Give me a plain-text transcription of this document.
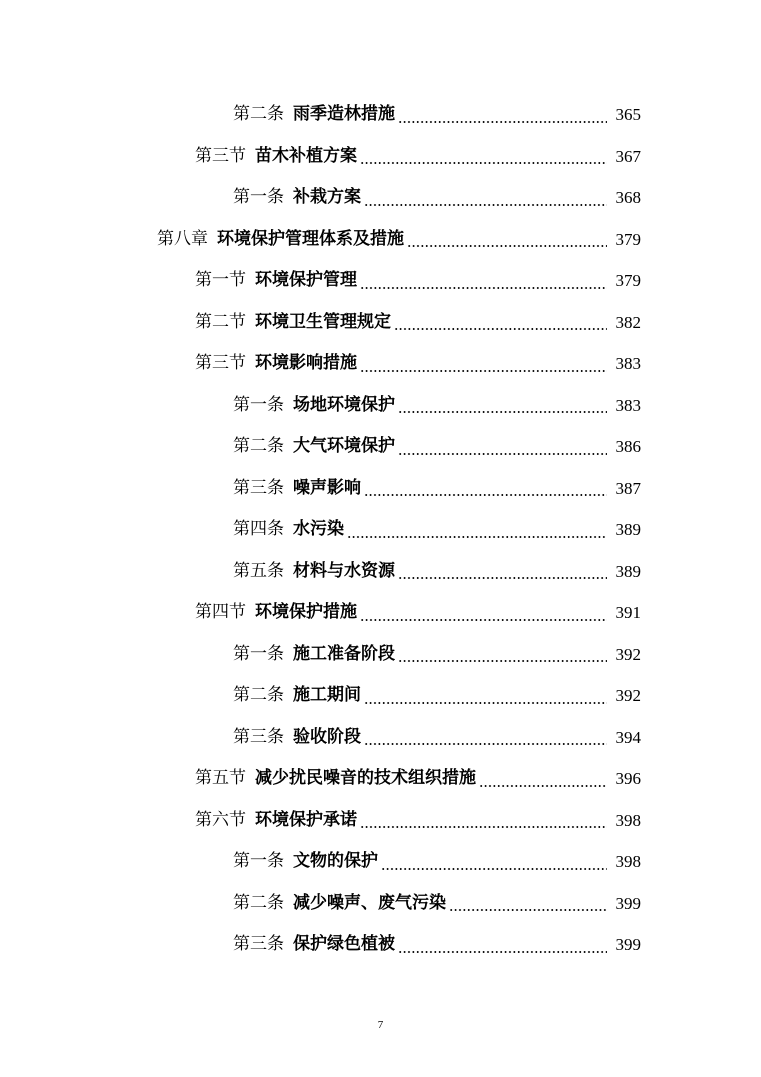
第二条 雨季造林措施	365
第三节 苗木补植方案	367
第一条 补栽方案	368
第八章 环境保护管理体系及措施	379
第一节 环境保护管理	379
第二节 环境卫生管理规定	382
第三节 环境影响措施	383
第一条 场地环境保护	383
第二条 大气环境保护	386
第三条 噪声影响	387
第四条 水污染	389
第五条 材料与水资源	389
第四节 环境保护措施	391
第一条 施工准备阶段	392
第二条 施工期间	392
第三条 验收阶段	394
第五节 减少扰民噪音的技术组织措施	396
第六节 环境保护承诺	398
第一条 文物的保护	398
第二条 减少噪声、废气污染	399
第三条 保护绿色植被	399
7
